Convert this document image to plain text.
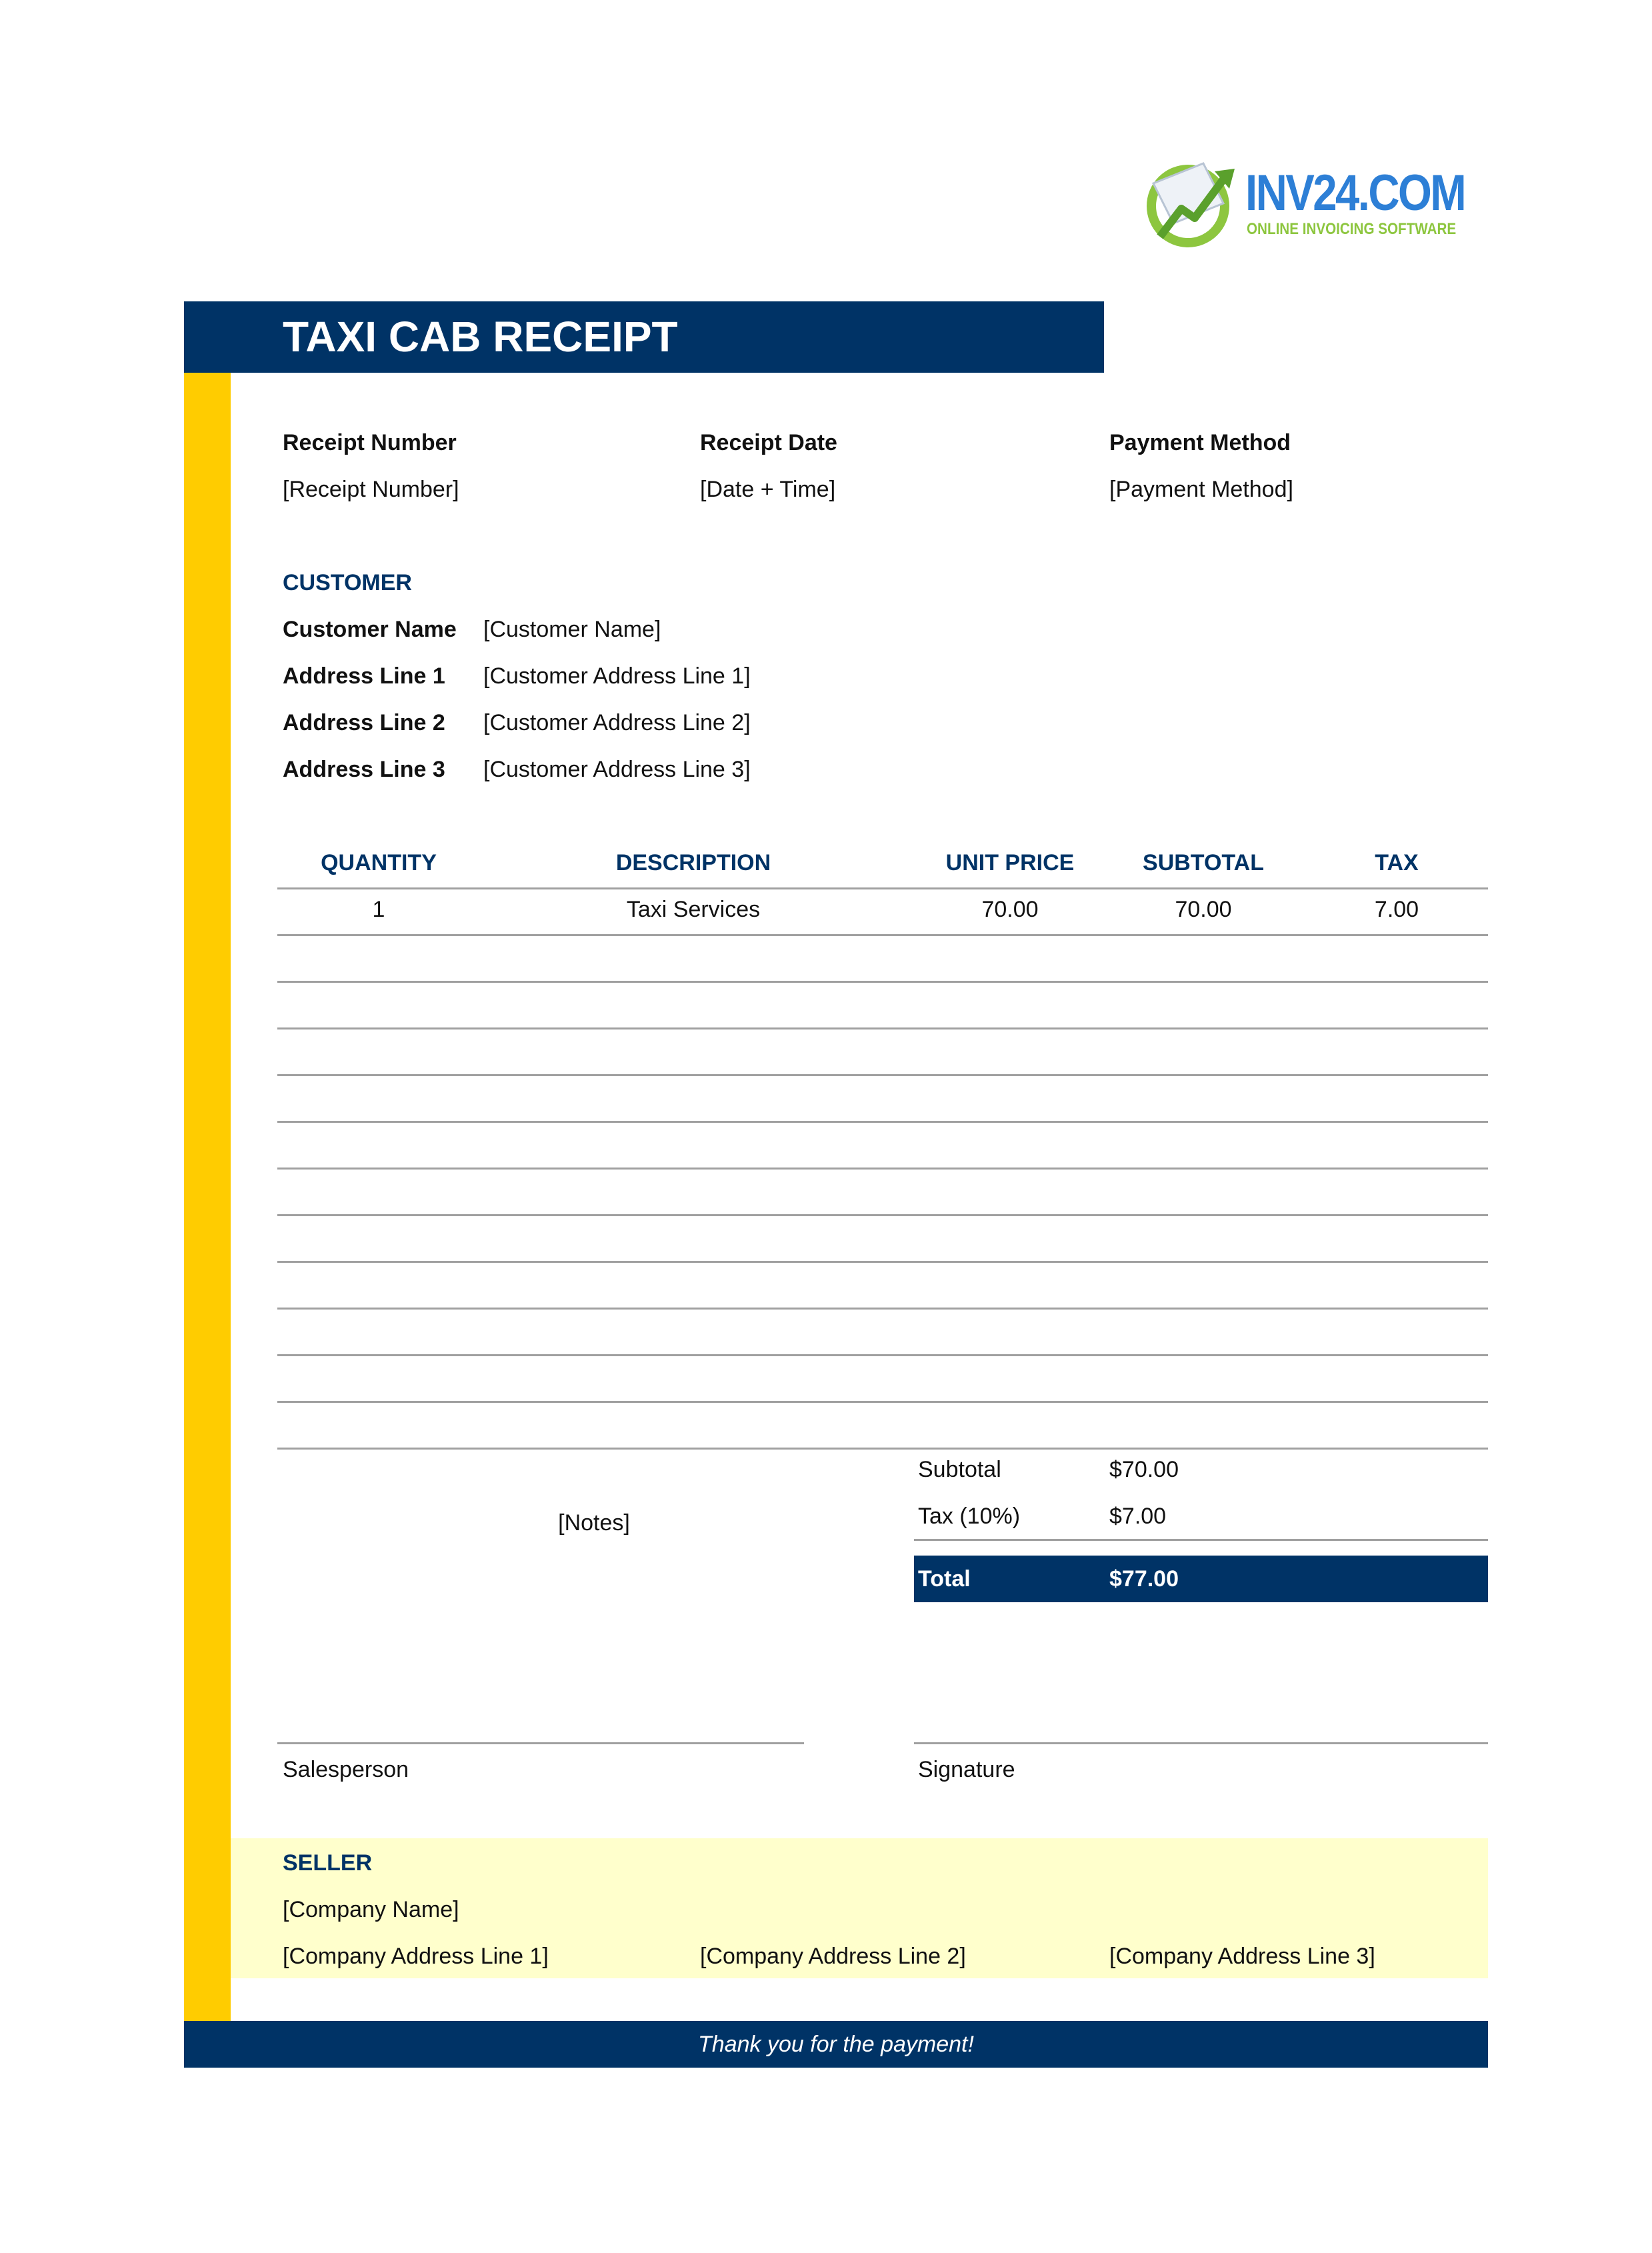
INV24.COM
ONLINE INVOICING SOFTWARE
TAXI CAB RECEIPT
Receipt Number
[Receipt Number]
Receipt Date
[Date + Time]
Payment Method
[Payment Method]
CUSTOMER
Customer Name [Customer Name]
Address Line 1 [Customer Address Line 1]
Address Line 2 [Customer Address Line 2]
Address Line 3 [Customer Address Line 3]
QUANTITY	DESCRIPTION	UNIT PRICE	SUBTOTAL	TAX
1	Taxi Services	70.00	70.00	7.00
[Notes]
Subtotal	$70.00
Tax (10%)	$7.00
Total	$77.00
Salesperson	Signature
SELLER
[Company Name]
[Company Address Line 1]	[Company Address Line 2]	[Company Address Line 3]
Thank you for the payment!
